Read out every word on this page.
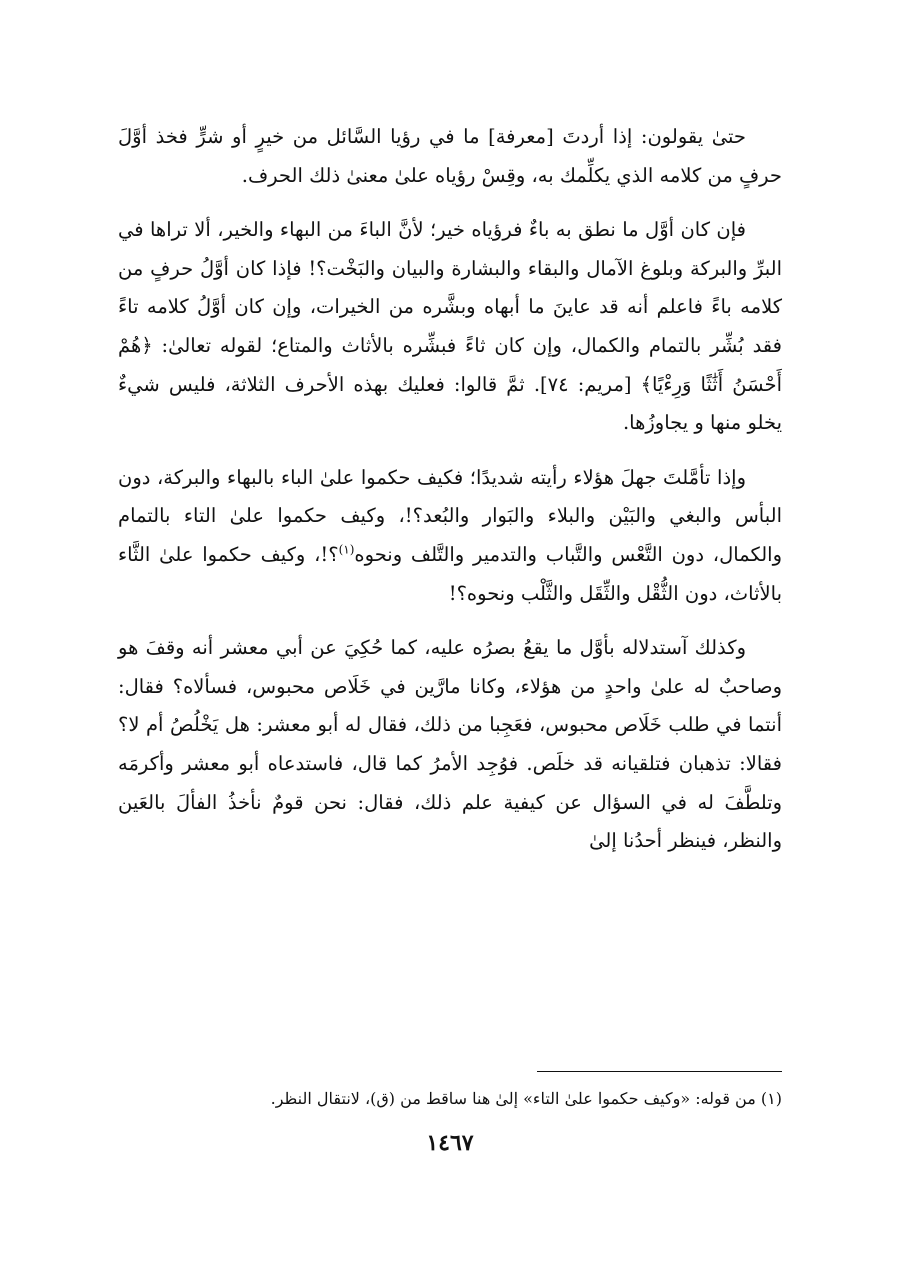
حتىٰ يقولون: إذا أردتَ [معرفة] ما في رؤيا السَّائل من خيرٍ أو شرٍّ فخذ أوَّلَ حرفٍ من كلامه الذي يكلِّمك به، وقِسْ رؤياه علىٰ معنىٰ ذلك الحرف.

فإن كان أوَّل ما نطق به باءٌ فرؤياه خير؛ لأنَّ الباءَ من البهاء والخير، ألا تراها في البرِّ والبركة وبلوغ الآمال والبقاء والبشارة والبيان والبَخْت؟! فإذا كان أوَّلُ حرفٍ من كلامه باءً فاعلم أنه قد عاينَ ما أبهاه وبشَّره من الخيرات، وإن كان أوَّلُ كلامه تاءً فقد بُشِّر بالتمام والكمال، وإن كان ثاءً فبشِّره بالأثاث والمتاع؛ لقوله تعالىٰ: ﴿هُمْ أَحْسَنُ أَثَٰثًا وَرِءْيًا﴾ [مريم: ٧٤]. ثمَّ قالوا: فعليك بهذه الأحرف الثلاثة، فليس شيءٌ يخلو منها و يجاوزُها.

وإذا تأمَّلتَ جهلَ هؤلاء رأيته شديدًا؛ فكيف حكموا علىٰ الباء بالبهاء والبركة، دون البأس والبغي والبَيْن والبلاء والبَوار والبُعد؟!، وكيف حكموا علىٰ التاء بالتمام والكمال، دون التَّعْس والتَّباب والتدمير والتَّلف ونحوه$^{(١)}$؟!، وكيف حكموا علىٰ الثَّاء بالأثاث، دون الثُّقْل والثِّقَل والثَّلْب ونحوه؟!

وكذلك آستدلاله بأوَّل ما يقعُ بصرُه عليه، كما حُكِيَ عن أبي معشر أنه وقفَ هو وصاحبٌ له علىٰ واحدٍ من هؤلاء، وكانا مارَّين في خَلَاص محبوس، فسألاه؟ فقال: أنتما في طلب خَلَاص محبوس، فعَجِبا من ذلك، فقال له أبو معشر: هل يَخْلُصُ أم لا؟ فقالا: تذهبان فتلقيانه قد خلَص. فوُجِد الأمرُ كما قال، فاستدعاه أبو معشر وأكرمَه وتلطَّفَ له في السؤال عن كيفية علم ذلك، فقال: نحن قومٌ نأخذُ الفألَ بالعَين والنظر، فينظر أحدُنا إلىٰ

(١) من قوله: «وكيف حكموا علىٰ التاء» إلىٰ هنا ساقط من (ق)، لانتقال النظر.
١٤٦٧
